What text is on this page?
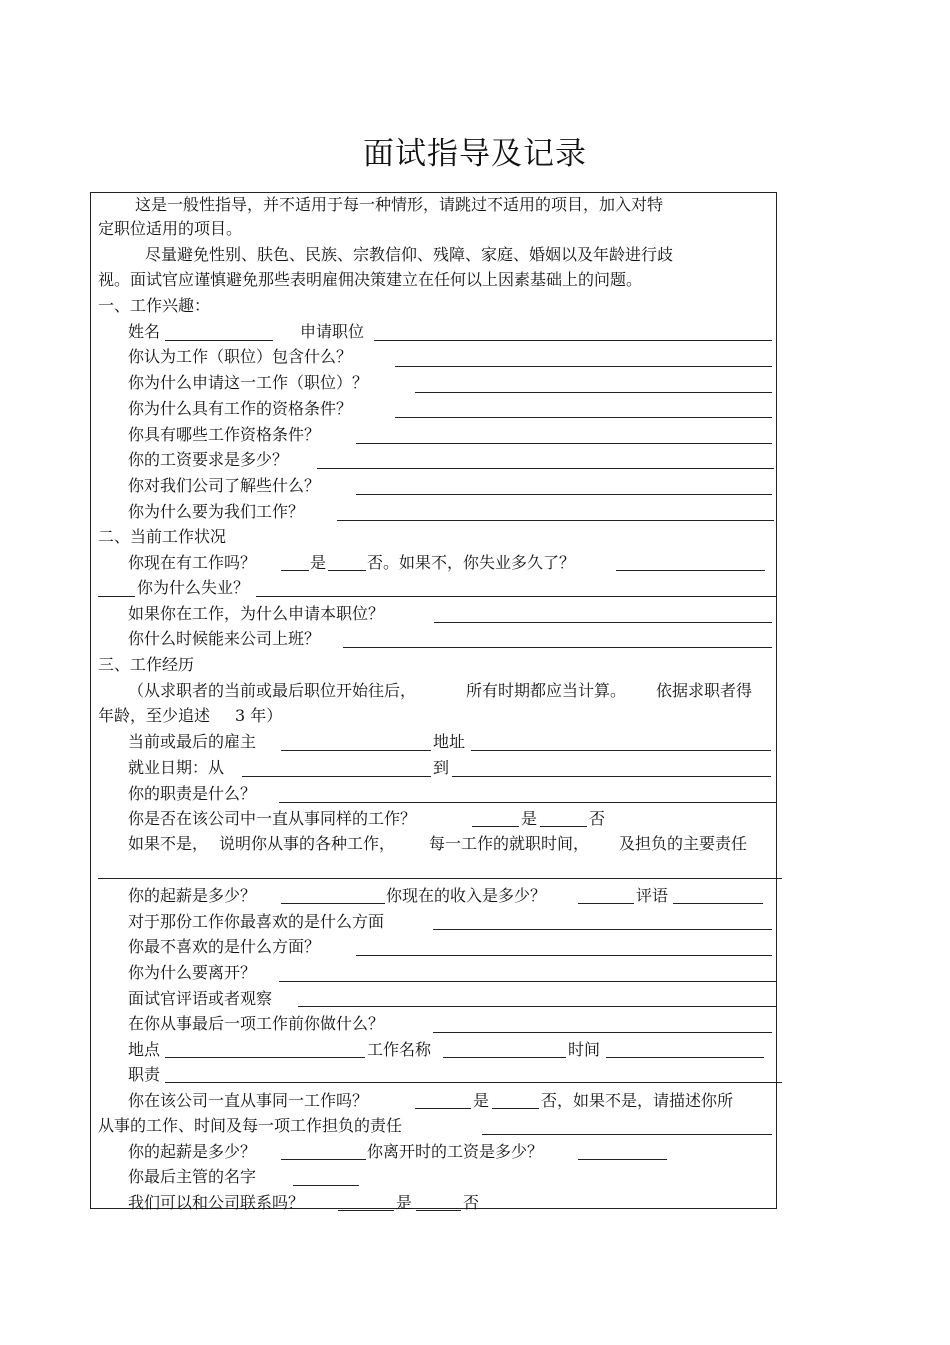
面试指导及记录
这是一般性指导，并不适用于每一种情形，请跳过不适用的项目，加入对特
定职位适用的项目。
尽量避免性别、肤色、民族、宗教信仰、残障、家庭、婚姻以及年龄进行歧
视。面试官应谨慎避免那些表明雇佣决策建立在任何以上因素基础上的问题。
一、工作兴趣：
姓名	申请职位
你认为工作（职位）包含什么？
你为什么申请这一工作（职位）？
你为什么具有工作的资格条件？
你具有哪些工作资格条件？
你的工资要求是多少？
你对我们公司了解些什么？
你为什么要为我们工作？
二、当前工作状况
你现在有工作吗？	是	否。如果不，你失业多久了？
你为什么失业？
如果你在工作，为什么申请本职位？
你什么时候能来公司上班？
三、工作经历
（从求职者的当前或最后职位开始往后，	所有时期都应当计算。 依据求职者得
年龄，至少追述 3 年）
当前或最后的雇主	地址
就业日期：从	到
你的职责是什么？
你是否在该公司中一直从事同样的工作？	是	否
如果不是， 说明你从事的各种工作， 每一工作的就职时间， 及担负的主要责任
你的起薪是多少？	你现在的收入是多少？	评语
对于那份工作你最喜欢的是什么方面
你最不喜欢的是什么方面？
你为什么要离开？
面试官评语或者观察
在你从事最后一项工作前你做什么？
地点	工作名称	时间
职责
你在该公司一直从事同一工作吗？	是	否，如果不是，请描述你所
从事的工作、时间及每一项工作担负的责任
你的起薪是多少？	你离开时的工资是多少？
你最后主管的名字
我们可以和公司联系吗？	是	否
